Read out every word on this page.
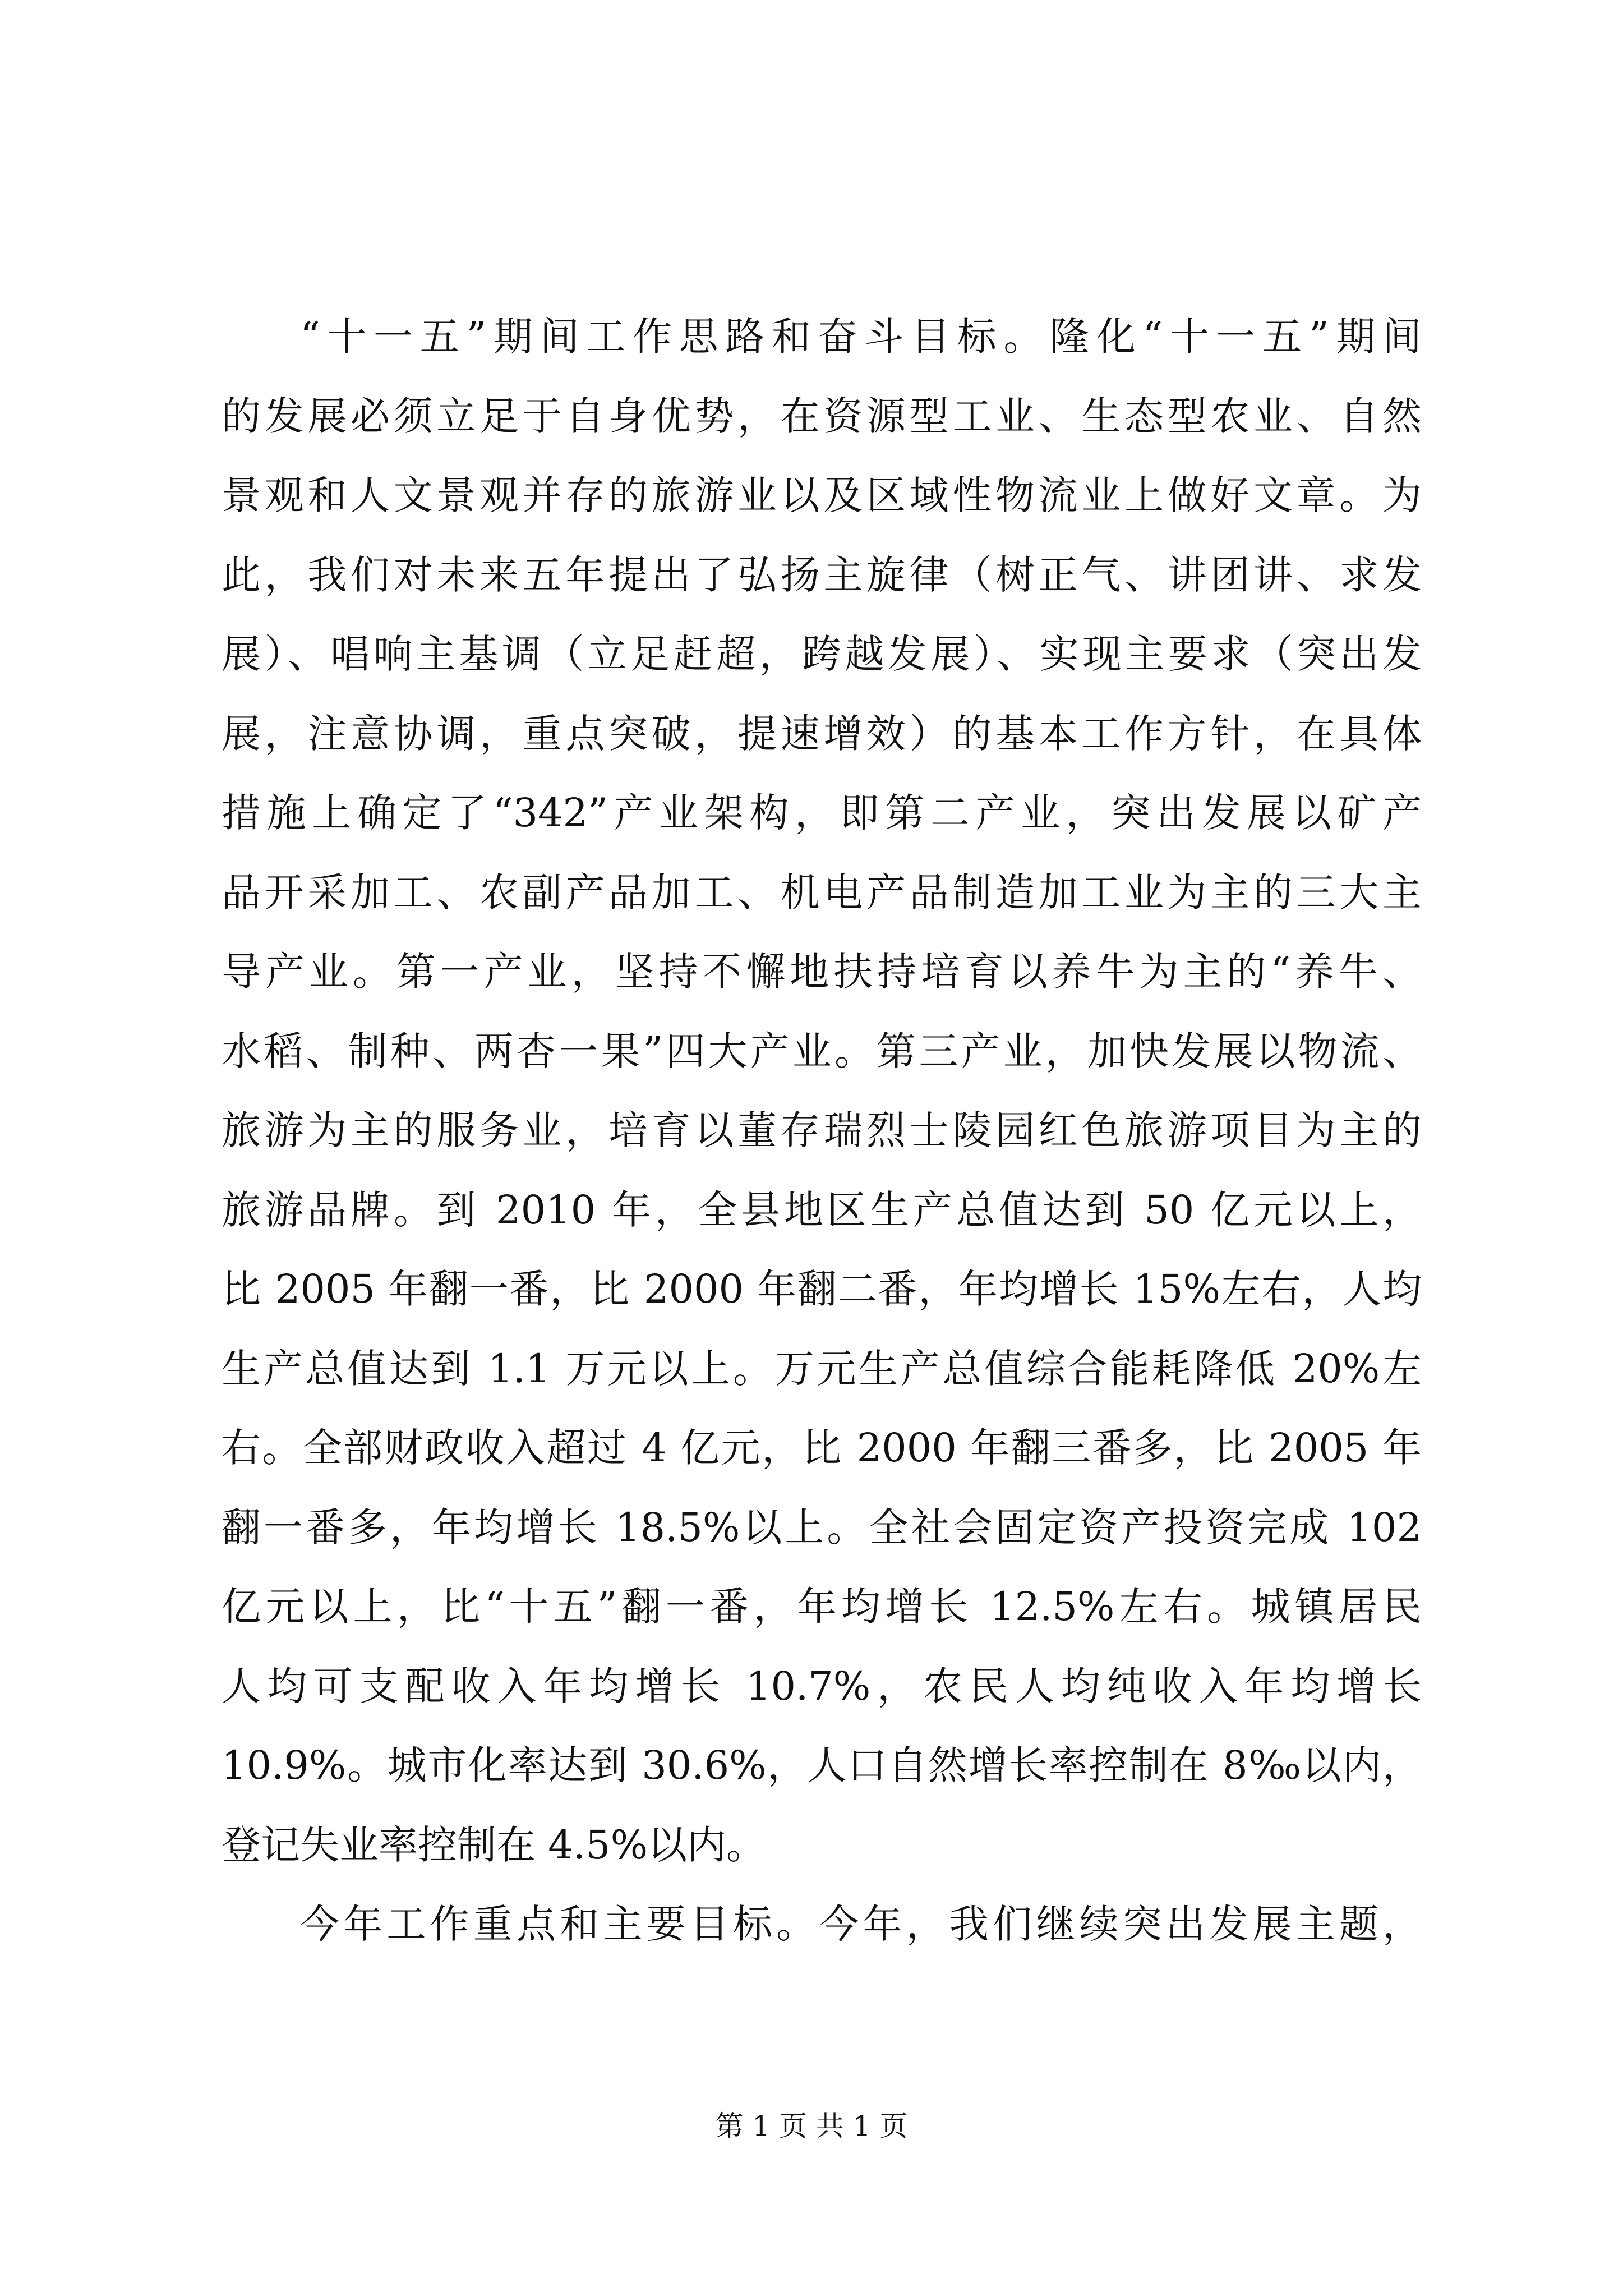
“十一五”期间工作思路和奋斗目标。隆化“十一五”期间
的发展必须立足于自身优势，在资源型工业、生态型农业、自然
景观和人文景观并存的旅游业以及区域性物流业上做好文章。为
此，我们对未来五年提出了弘扬主旋律（树正气、讲团讲、求发
展）、唱响主基调（立足赶超，跨越发展）、实现主要求（突出发
展，注意协调，重点突破，提速增效）的基本工作方针，在具体
措施上确定了“342”产业架构，即第二产业，突出发展以矿产
品开采加工、农副产品加工、机电产品制造加工业为主的三大主
导产业。第一产业，坚持不懈地扶持培育以养牛为主的“养牛、
水稻、制种、两杏一果”四大产业。第三产业，加快发展以物流、
旅游为主的服务业，培育以董存瑞烈士陵园红色旅游项目为主的
旅游品牌。到 2010 年，全县地区生产总值达到 50 亿元以上，
比 2005 年翻一番，比 2000 年翻二番，年均增长 15%左右，人均
生产总值达到 1.1 万元以上。万元生产总值综合能耗降低 20%左
右。全部财政收入超过 4 亿元，比 2000 年翻三番多，比 2005 年
翻一番多，年均增长 18.5%以上。全社会固定资产投资完成 102
亿元以上，比“十五”翻一番，年均增长 12.5%左右。城镇居民
人均可支配收入年均增长 10.7%，农民人均纯收入年均增长
10.9%。城市化率达到 30.6%，人口自然增长率控制在 8‰以内，
登记失业率控制在 4.5%以内。
今年工作重点和主要目标。今年，我们继续突出发展主题，
第 1 页 共 1 页
